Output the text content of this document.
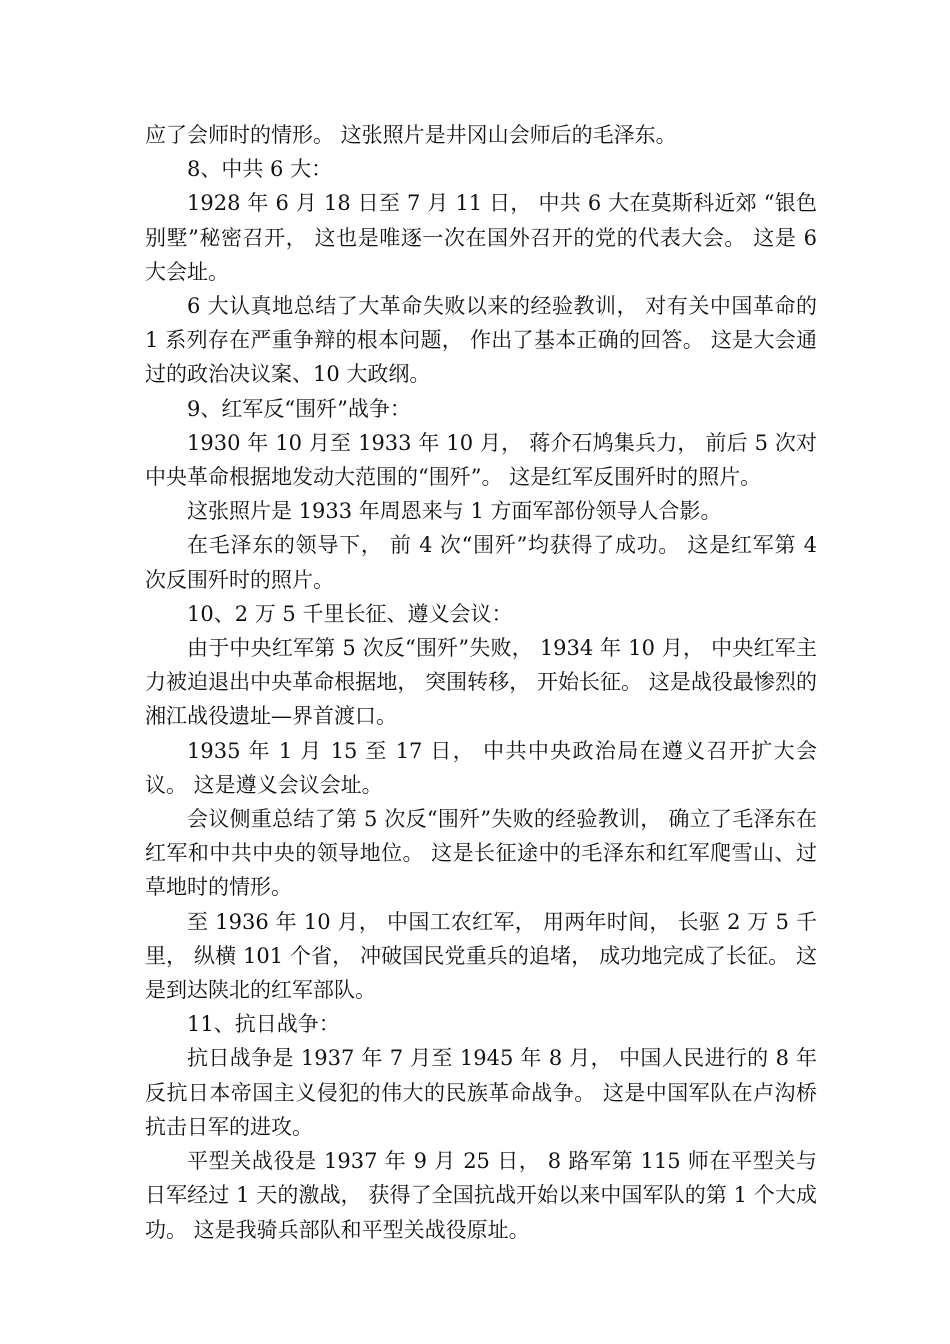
应了会师时的情形。 这张照片是井冈山会师后的毛泽东。

8、中共 6 大：

1928 年 6 月 18 日至 7 月 11 日， 中共 6 大在莫斯科近郊 “银色别墅”秘密召开， 这也是唯逐一次在国外召开的党的代表大会。 这是 6 大会址。

6 大认真地总结了大革命失败以来的经验教训， 对有关中国革命的 1 系列存在严重争辩的根本问题， 作出了基本正确的回答。 这是大会通过的政治决议案、10 大政纲。

9、红军反“围歼”战争：

1930 年 10 月至 1933 年 10 月， 蒋介石鸠集兵力， 前后 5 次对中央革命根据地发动大范围的“围歼”。 这是红军反围歼时的照片。

这张照片是 1933 年周恩来与 1 方面军部份领导人合影。

在毛泽东的领导下， 前 4 次“围歼”均获得了成功。 这是红军第 4 次反围歼时的照片。

10、2 万 5 千里长征、遵义会议：

由于中央红军第 5 次反“围歼”失败， 1934 年 10 月， 中央红军主力被迫退出中央革命根据地， 突围转移， 开始长征。 这是战役最惨烈的湘江战役遗址—界首渡口。

1935 年 1 月 15 至 17 日， 中共中央政治局在遵义召开扩大会议。 这是遵义会议会址。

会议侧重总结了第 5 次反“围歼”失败的经验教训， 确立了毛泽东在红军和中共中央的领导地位。 这是长征途中的毛泽东和红军爬雪山、过草地时的情形。

至 1936 年 10 月， 中国工农红军， 用两年时间， 长驱 2 万 5 千里， 纵横 101 个省， 冲破国民党重兵的追堵， 成功地完成了长征。 这是到达陕北的红军部队。

11、抗日战争：

抗日战争是 1937 年 7 月至 1945 年 8 月， 中国人民进行的 8 年反抗日本帝国主义侵犯的伟大的民族革命战争。 这是中国军队在卢沟桥抗击日军的进攻。

平型关战役是 1937 年 9 月 25 日， 8 路军第 115 师在平型关与日军经过 1 天的激战， 获得了全国抗战开始以来中国军队的第 1 个大成功。 这是我骑兵部队和平型关战役原址。
